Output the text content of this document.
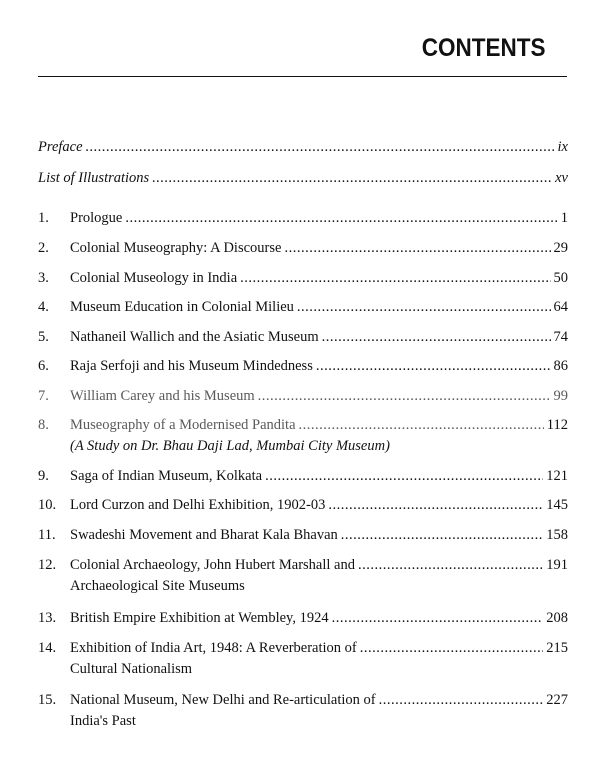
CONTENTS
Preface .....	ix
List of Illustrations .....	xv
1.	Prologue .....	1
2.	Colonial Museography: A Discourse .....	29
3.	Colonial Museology in India .....	50
4.	Museum Education in Colonial Milieu .....	64
5.	Nathaneil Wallich and the Asiatic Museum .....	74
6.	Raja Serfoji and his Museum Mindedness .....	86
7.	William Carey and his Museum .....	99
8.	Museography of a Modernised Pandita .....	112
(A Study on Dr. Bhau Daji Lad, Mumbai City Museum)
9.	Saga of Indian Museum, Kolkata .....	121
10. Lord Curzon and Delhi Exhibition, 1902-03 .....	145
11. Swadeshi Movement and Bharat Kala Bhavan .....	158
12. Colonial Archaeology, John Hubert Marshall and .....	191
Archaeological Site Museums
13. British Empire Exhibition at Wembley, 1924 .....	208
14. Exhibition of India Art, 1948: A Reverberation of .....	215
Cultural Nationalism
15. National Museum, New Delhi and Re-articulation of .....	227
India's Past
